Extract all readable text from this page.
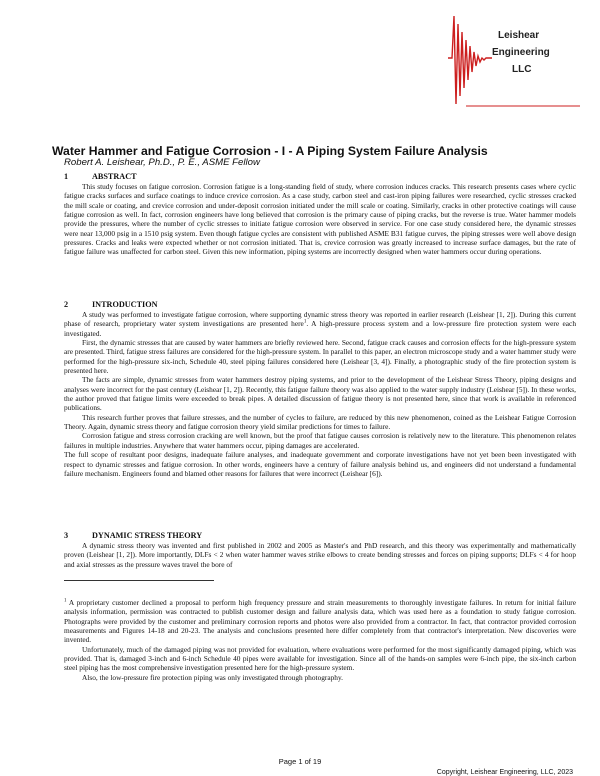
Leishear
Engineering
LLC
Water Hammer and Fatigue Corrosion - I - A Piping System Failure Analysis
Robert A. Leishear, Ph.D., P. E., ASME Fellow
1	ABSTRACT

This study focuses on fatigue corrosion. Corrosion fatigue is a long-standing field of study, where corrosion induces cracks. This research presents cases where cyclic fatigue cracks surfaces and surface coatings to induce crevice corrosion. As a case study, carbon steel and cast-iron piping failures were researched, cyclic stresses cracked the mill scale or coating, and crevice corrosion and under-deposit corrosion initiated under the mill scale or coating. Similarly, cracks in other protective coatings will cause fatigue corrosion as well. In fact, corrosion engineers have long believed that corrosion is the primary cause of piping cracks, but the reverse is true. Water hammer models provide the pressures, where the number of cyclic stresses to initiate fatigue corrosion were observed in service. For one case study considered here, the dynamic stresses were near 13,000 psig in a 1510 psig system. Even though fatigue cycles are consistent with published ASME B31 fatigue curves, the piping stresses were well above design pressures. Cracks and leaks were expected whether or not corrosion initiated. That is, crevice corrosion was greatly increased to increase surface damages, but the rate of fatigue failure was unaffected for carbon steel. Given this new information, piping systems are incorrectly designed when water hammers occur during operations.

2	INTRODUCTION

A study was performed to investigate fatigue corrosion, where supporting dynamic stress theory was reported in earlier research (Leishear [1, 2]). During this current phase of research, proprietary water system investigations are presented here$^1$. A high-pressure process system and a low-pressure fire protection system were each investigated.

First, the dynamic stresses that are caused by water hammers are briefly reviewed here. Second, fatigue crack causes and corrosion effects for the high-pressure system are presented. Third, fatigue stress failures are considered for the high-pressure system. In parallel to this paper, an electron microscope study and a water hammer study were performed for the high-pressure six-inch, Schedule 40, steel piping failures considered here (Leishear [3, 4]). Finally, a photographic study of the fire protection system is presented here.

The facts are simple, dynamic stresses from water hammers destroy piping systems, and prior to the development of the Leishear Stress Theory, piping designs and analyses were incorrect for the past century (Leishear [1, 2]). Recently, this fatigue failure theory was also applied to the water supply industry (Leishear [5]). In these works, the author proved that fatigue limits were exceeded to break pipes. A detailed discussion of fatigue theory is not presented here, since that work is available in referenced publications.

This research further proves that failure stresses, and the number of cycles to failure, are reduced by this new phenomenon, coined as the Leishear Fatigue Corrosion Theory. Again, dynamic stress theory and fatigue corrosion theory yield similar predictions for times to failure.

Corrosion fatigue and stress corrosion cracking are well known, but the proof that fatigue causes corrosion is relatively new to the literature. This phenomenon relates failures in multiple industries. Anywhere that water hammers occur, piping damages are accelerated.

The full scope of resultant poor designs, inadequate failure analyses, and inadequate government and corporate investigations have not yet been been investigated with respect to dynamic stresses and fatigue corrosion. In other words, engineers have a century of failure analysis behind us, and engineers did not understand a fundamental failure mechanism. Engineers found and blamed other reasons for failures that were incorrect (Leishear [6]).

3	DYNAMIC STRESS THEORY

A dynamic stress theory was invented and first published in 2002 and 2005 as Master's and PhD research, and this theory was experimentally and mathematically proven (Leishear [1, 2]). More importantly, DLFs < 2 when water hammer waves strike elbows to create bending stresses and forces on piping supports; DLFs < 4 for hoop and axial stresses as the pressure waves travel the bore of

$^1$ A proprietary customer declined a proposal to perform high frequency pressure and strain measurements to thoroughly investigate failures. In return for initial failure analysis information, permission was contracted to publish customer design and failure analysis data, which was used here as a foundation to study fatigue corrosion. Photographs were provided by the customer and preliminary corrosion reports and photos were also provided from a contractor. In fact, that contractor provided corrosion measurements and Figures 14-18 and 20-23. The analysis and conclusions presented here differ completely from that contractor's interpretation. New discoveries were invented.

Unfortunately, much of the damaged piping was not provided for evaluation, where evaluations were performed for the most significantly damaged piping, which was provided. That is, damaged 3-inch and 6-inch Schedule 40 pipes were available for investigation. Since all of the hands-on samples were 6-inch pipe, the six-inch carbon steel piping has the most comprehensive investigation presented here for the high-pressure system.

Also, the low-pressure fire protection piping was only investigated through photography.

Page 1 of 19
Copyright, Leishear Engineering, LLC, 2023
